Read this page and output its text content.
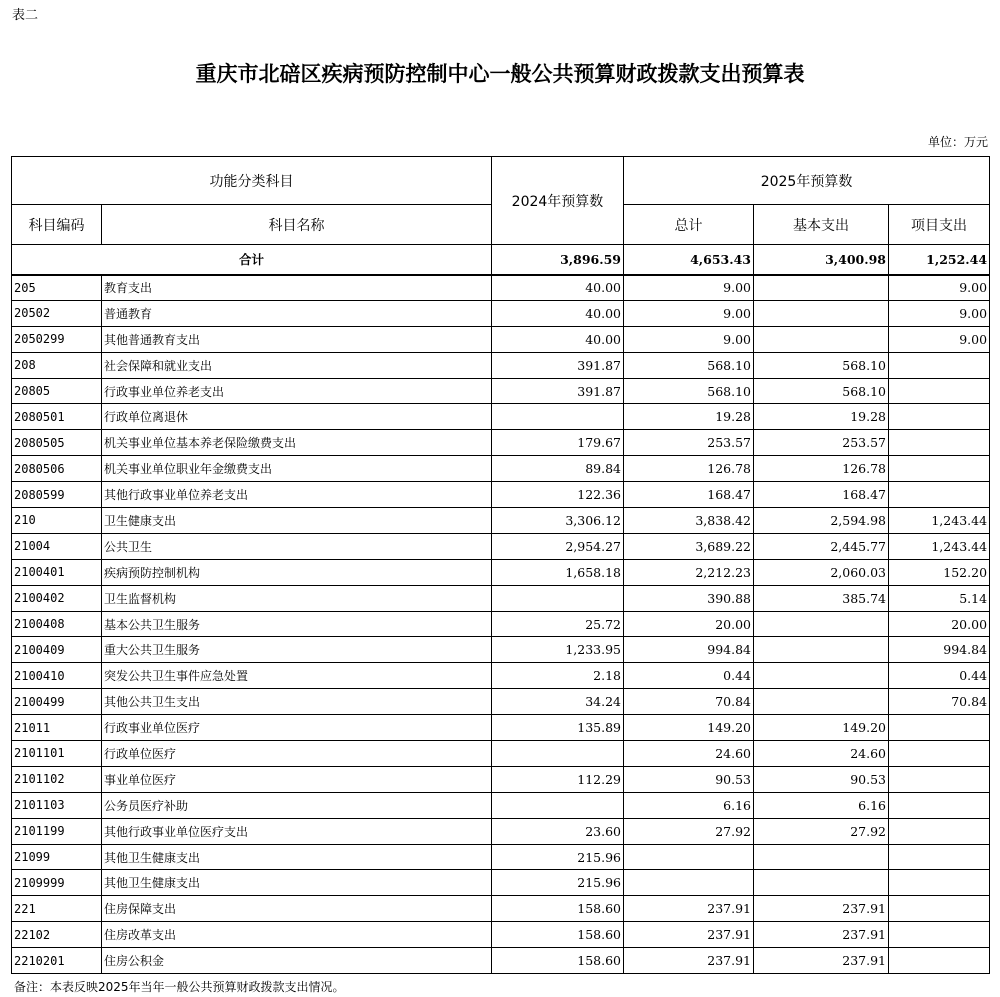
表二
重庆市北碚区疾病预防控制中心一般公共预算财政拨款支出预算表
单位：万元
功能分类科目		2024年预算数	2025年预算数		
科目编码	科目名称		总计	基本支出	项目支出
合计		3,896.59	4,653.43	3,400.98	1,252.44
205	教育支出	40.00	9.00		9.00
20502	普通教育	40.00	9.00		9.00
2050299	其他普通教育支出	40.00	9.00		9.00
208	社会保障和就业支出	391.87	568.10	568.10	
20805	行政事业单位养老支出	391.87	568.10	568.10	
2080501	行政单位离退休		19.28	19.28	
2080505	机关事业单位基本养老保险缴费支出	179.67	253.57	253.57	
2080506	机关事业单位职业年金缴费支出	89.84	126.78	126.78	
2080599	其他行政事业单位养老支出	122.36	168.47	168.47	
210	卫生健康支出	3,306.12	3,838.42	2,594.98	1,243.44
21004	公共卫生	2,954.27	3,689.22	2,445.77	1,243.44
2100401	疾病预防控制机构	1,658.18	2,212.23	2,060.03	152.20
2100402	卫生监督机构		390.88	385.74	5.14
2100408	基本公共卫生服务	25.72	20.00		20.00
2100409	重大公共卫生服务	1,233.95	994.84		994.84
2100410	突发公共卫生事件应急处置	2.18	0.44		0.44
2100499	其他公共卫生支出	34.24	70.84		70.84
21011	行政事业单位医疗	135.89	149.20	149.20	
2101101	行政单位医疗		24.60	24.60	
2101102	事业单位医疗	112.29	90.53	90.53	
2101103	公务员医疗补助		6.16	6.16	
2101199	其他行政事业单位医疗支出	23.60	27.92	27.92	
21099	其他卫生健康支出	215.96			
2109999	其他卫生健康支出	215.96			
221	住房保障支出	158.60	237.91	237.91	
22102	住房改革支出	158.60	237.91	237.91	
2210201	住房公积金	158.60	237.91	237.91	
备注：本表反映2025年当年一般公共预算财政拨款支出情况。
